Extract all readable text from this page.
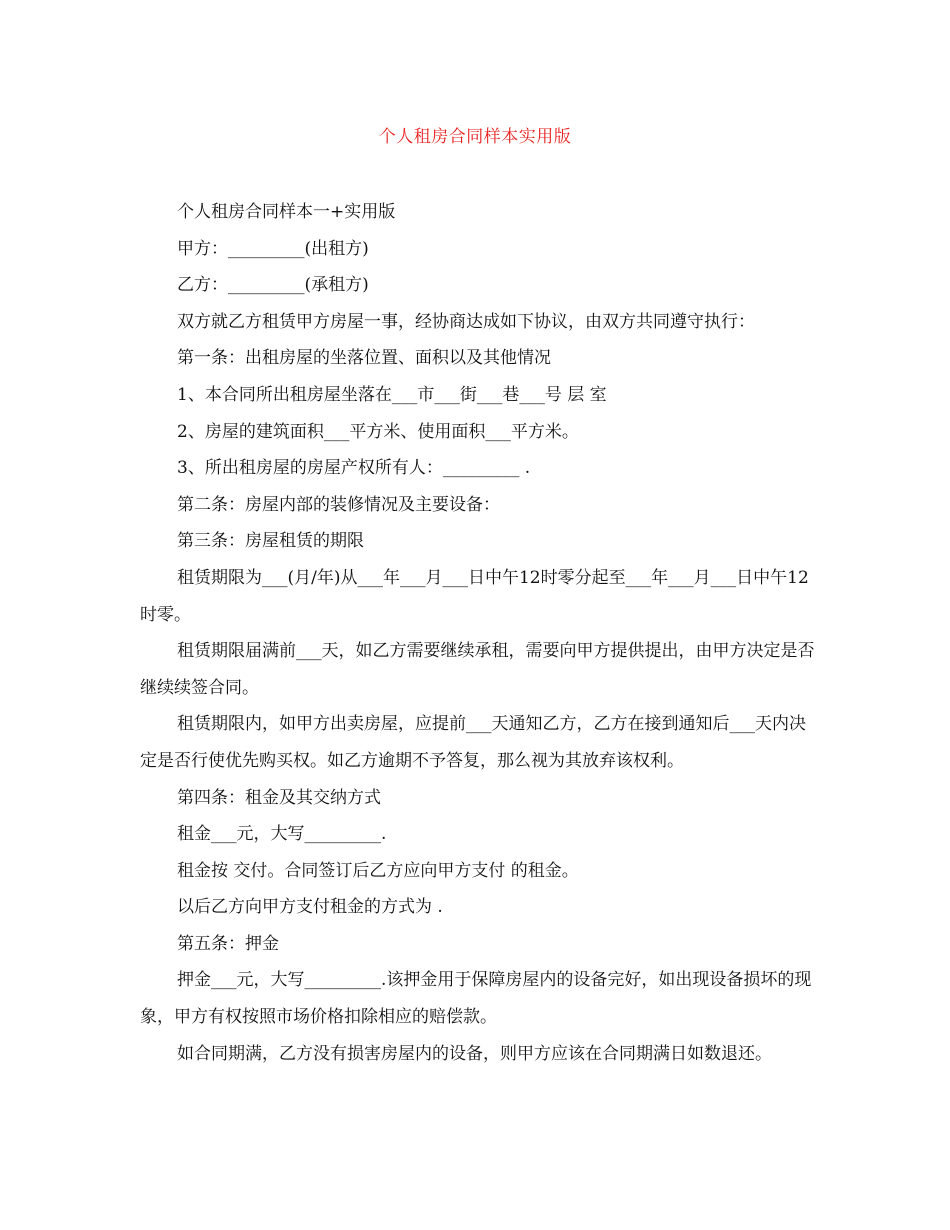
个人租房合同样本实用版

个人租房合同样本一+实用版

甲方：_________(出租方)

乙方：_________(承租方)

双方就乙方租赁甲方房屋一事，经协商达成如下协议，由双方共同遵守执行：

第一条：出租房屋的坐落位置、面积以及其他情况

1、本合同所出租房屋坐落在___市___街___巷___号 层 室

2、房屋的建筑面积___平方米、使用面积___平方米。

3、所出租房屋的房屋产权所有人：_________ .

第二条：房屋内部的装修情况及主要设备：

第三条：房屋租赁的期限

租赁期限为___(月/年)从___年___月___日中午12时零分起至___年___月___日中午12时零。

租赁期限届满前___天，如乙方需要继续承租，需要向甲方提供提出，由甲方决定是否继续续签合同。

租赁期限内，如甲方出卖房屋，应提前___天通知乙方，乙方在接到通知后___天内决定是否行使优先购买权。如乙方逾期不予答复，那么视为其放弃该权利。

第四条：租金及其交纳方式

租金___元，大写_________.

租金按 交付。合同签订后乙方应向甲方支付 的租金。

以后乙方向甲方支付租金的方式为 .

第五条：押金

押金___元，大写_________.该押金用于保障房屋内的设备完好，如出现设备损坏的现象，甲方有权按照市场价格扣除相应的赔偿款。

如合同期满，乙方没有损害房屋内的设备，则甲方应该在合同期满日如数退还。
